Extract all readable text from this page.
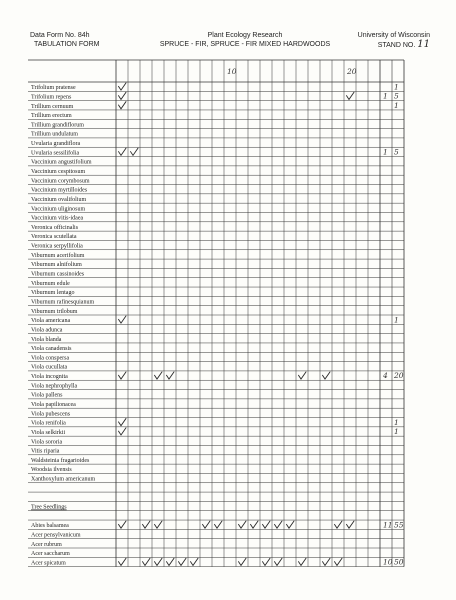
Data Form No. 84h
TABULATION FORM
Plant Ecology Research
SPRUCE - FIR, SPRUCE - FIR MIXED HARDWOODS
University of Wisconsin
STAND NO. 11
10	20
Trifolium pratense	1
Trifolium repens	1 5
Trillium cernuum	1
Trillium erectum
Trillium grandiflorum
Trillium undulatum
Uvularia grandiflora
Uvularia sessilifolia	1 5
Vaccinium angustifolium
Vaccinium cespitosum
Vaccinium corymbosum
Vaccinium myrtilloides
Vaccinium ovalifolium
Vaccinium uliginosum
Vaccinium vitis-idaea
Veronica officinalis
Veronica scutellata
Veronica serpyllifolia
Viburnum acerifolium
Viburnum alnifolium
Viburnum cassinoides
Viburnum edule
Viburnum lentago
Viburnum rafinesquianum
Viburnum trilobum
Viola americana	1
Viola adunca
Viola blanda
Viola canadensis
Viola conspersa
Viola cucullata
Viola incognita	4 20
Viola nephrophylla
Viola pallens
Viola papilionacea
Viola pubescens
Viola renifolia	1
Viola selkirkii	1
Viola sororia
Vitis riparia
Waldsteinia fragarioides
Woodsia ilvensis
Xanthoxylum americanum
Tree Seedlings
Abies balsamea	11 55
Acer pensylvanicum
Acer rubrum
Acer saccharum
Acer spicatum	10 50
